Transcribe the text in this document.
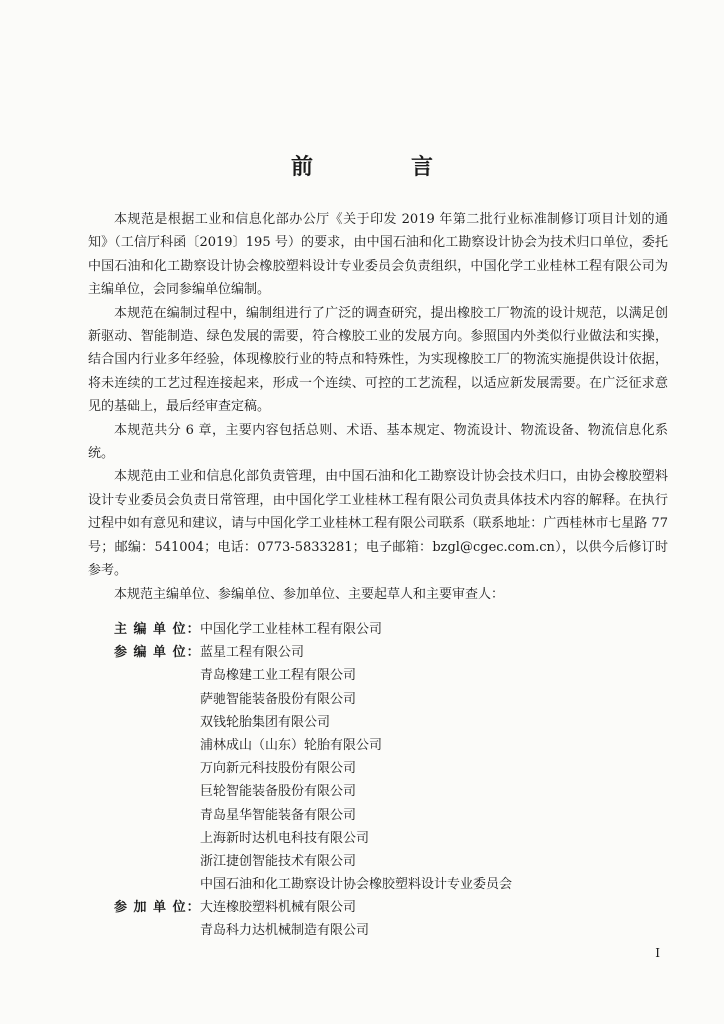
前　言

本规范是根据工业和信息化部办公厅《关于印发 2019 年第二批行业标准制修订项目计划的通知》（工信厅科函〔2019〕195 号）的要求，由中国石油和化工勘察设计协会为技术归口单位，委托中国石油和化工勘察设计协会橡胶塑料设计专业委员会负责组织，中国化学工业桂林工程有限公司为主编单位，会同参编单位编制。

本规范在编制过程中，编制组进行了广泛的调查研究，提出橡胶工厂物流的设计规范，以满足创新驱动、智能制造、绿色发展的需要，符合橡胶工业的发展方向。参照国内外类似行业做法和实操，结合国内行业多年经验，体现橡胶行业的特点和特殊性，为实现橡胶工厂的物流实施提供设计依据，将未连续的工艺过程连接起来，形成一个连续、可控的工艺流程，以适应新发展需要。在广泛征求意见的基础上，最后经审查定稿。

本规范共分 6 章，主要内容包括总则、术语、基本规定、物流设计、物流设备、物流信息化系统。

本规范由工业和信息化部负责管理，由中国石油和化工勘察设计协会技术归口，由协会橡胶塑料设计专业委员会负责日常管理，由中国化学工业桂林工程有限公司负责具体技术内容的解释。在执行过程中如有意见和建议，请与中国化学工业桂林工程有限公司联系（联系地址：广西桂林市七星路 77 号；邮编：541004；电话：0773-5833281；电子邮箱：bzgl@cgec.com.cn），以供今后修订时参考。

本规范主编单位、参编单位、参加单位、主要起草人和主要审查人：

主 编 单 位： 中国化学工业桂林工程有限公司
参 编 单 位： 蓝星工程有限公司
青岛橡建工业工程有限公司
萨驰智能装备股份有限公司
双钱轮胎集团有限公司
浦林成山（山东）轮胎有限公司
万向新元科技股份有限公司
巨轮智能装备股份有限公司
青岛星华智能装备有限公司
上海新时达机电科技有限公司
浙江捷创智能技术有限公司
中国石油和化工勘察设计协会橡胶塑料设计专业委员会
参 加 单 位： 大连橡胶塑料机械有限公司
青岛科力达机械制造有限公司
I
